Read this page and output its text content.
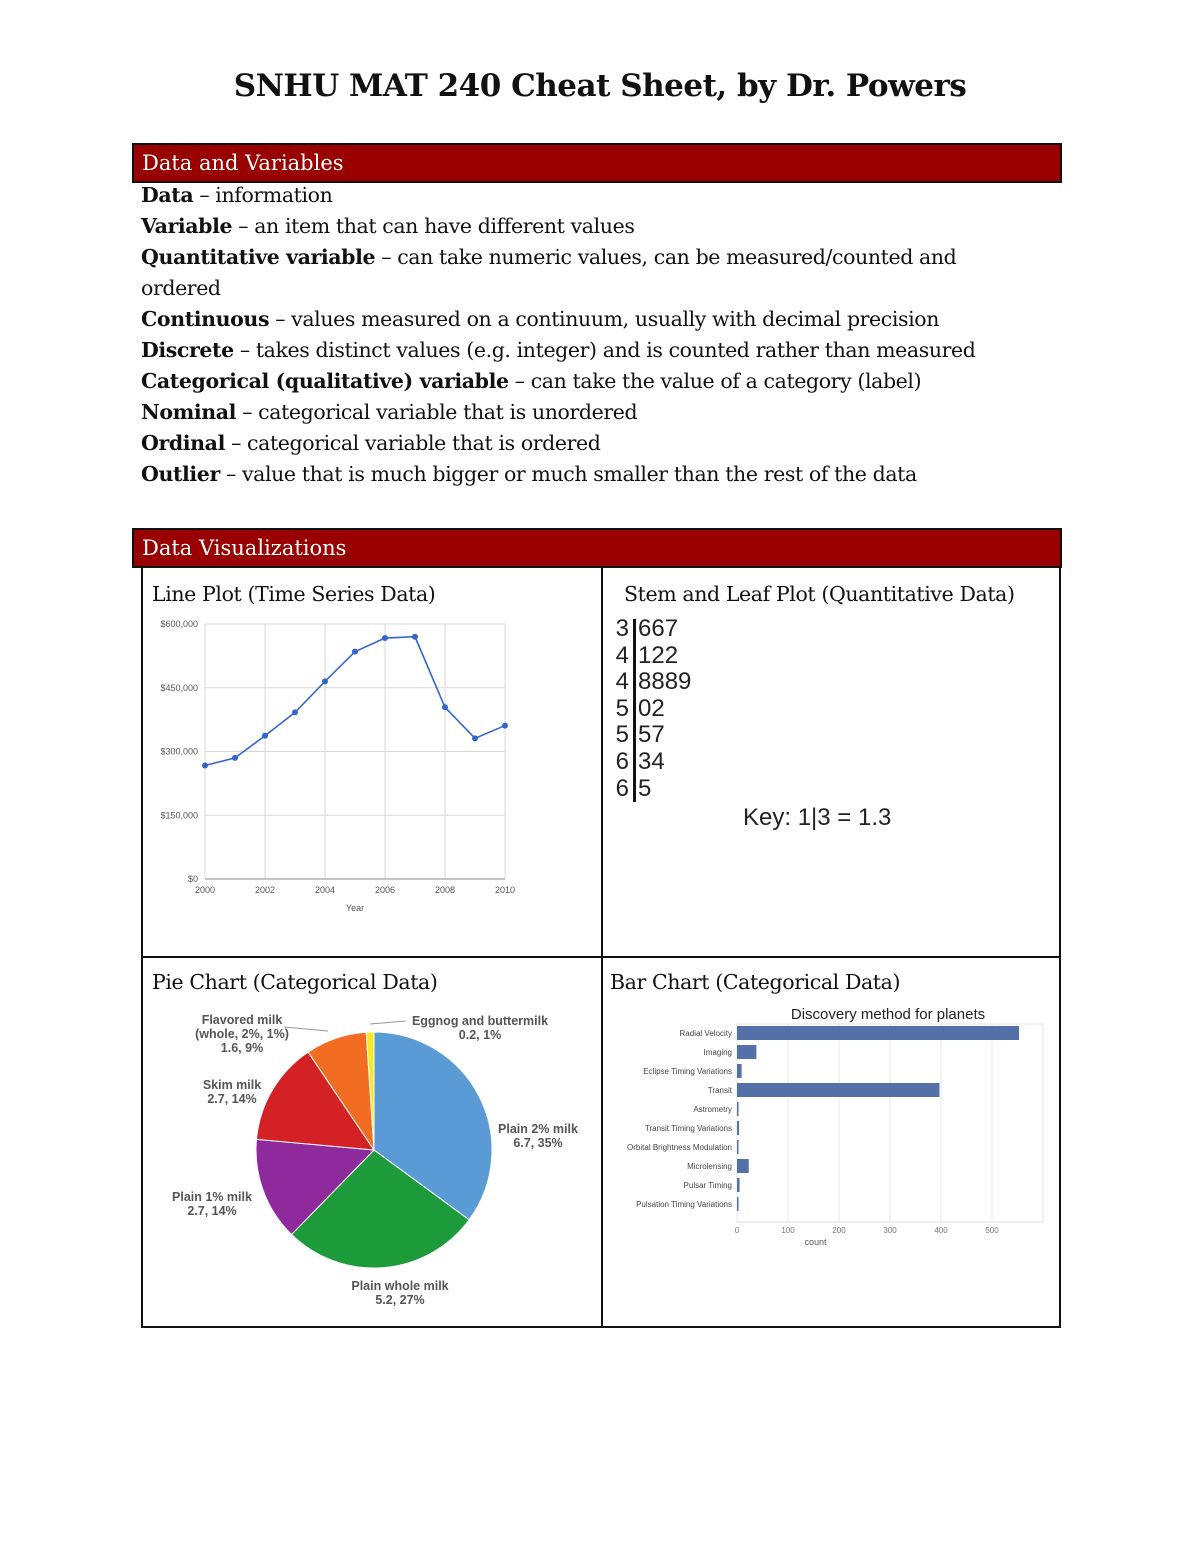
SNHU MAT 240 Cheat Sheet, by Dr. Powers
Data and Variables
Data – information
Variable – an item that can have different values
Quantitative variable – can take numeric values, can be measured/counted and
ordered
Continuous – values measured on a continuum, usually with decimal precision
Discrete – takes distinct values (e.g. integer) and is counted rather than measured
Categorical (qualitative) variable – can take the value of a category (label)
Nominal – categorical variable that is unordered
Ordinal – categorical variable that is ordered
Outlier – value that is much bigger or much smaller than the rest of the data
Data Visualizations
Line Plot (Time Series Data)	Stem and Leaf Plot (Quantitative Data)
Pie Chart (Categorical Data)	Bar Chart (Categorical Data)
$0
$150,000
$300,000
$450,000
$600,000
2000	2002	2004	2006	2008	2010
Year
3 667
4 122
4 8889
5 02
5 57
6 34
6 5
Key: 1|3 = 1.3
Plain 2% milk
6.7, 35%
Plain whole milk
5.2, 27%
Plain 1% milk
2.7, 14%
Skim milk
2.7, 14%
Flavored milk
(whole, 2%, 1%)
1.6, 9%
Eggnog and buttermilk
0.2, 1%
Discovery method for planets
0	100	200	300	400	500
count
Radial Velocity
Imaging
Eclipse Timing Variations
Transit
Astrometry
Transit Timing Variations
Orbital Brightness Modulation
Microlensing
Pulsar Timing
Pulsation Timing Variations
